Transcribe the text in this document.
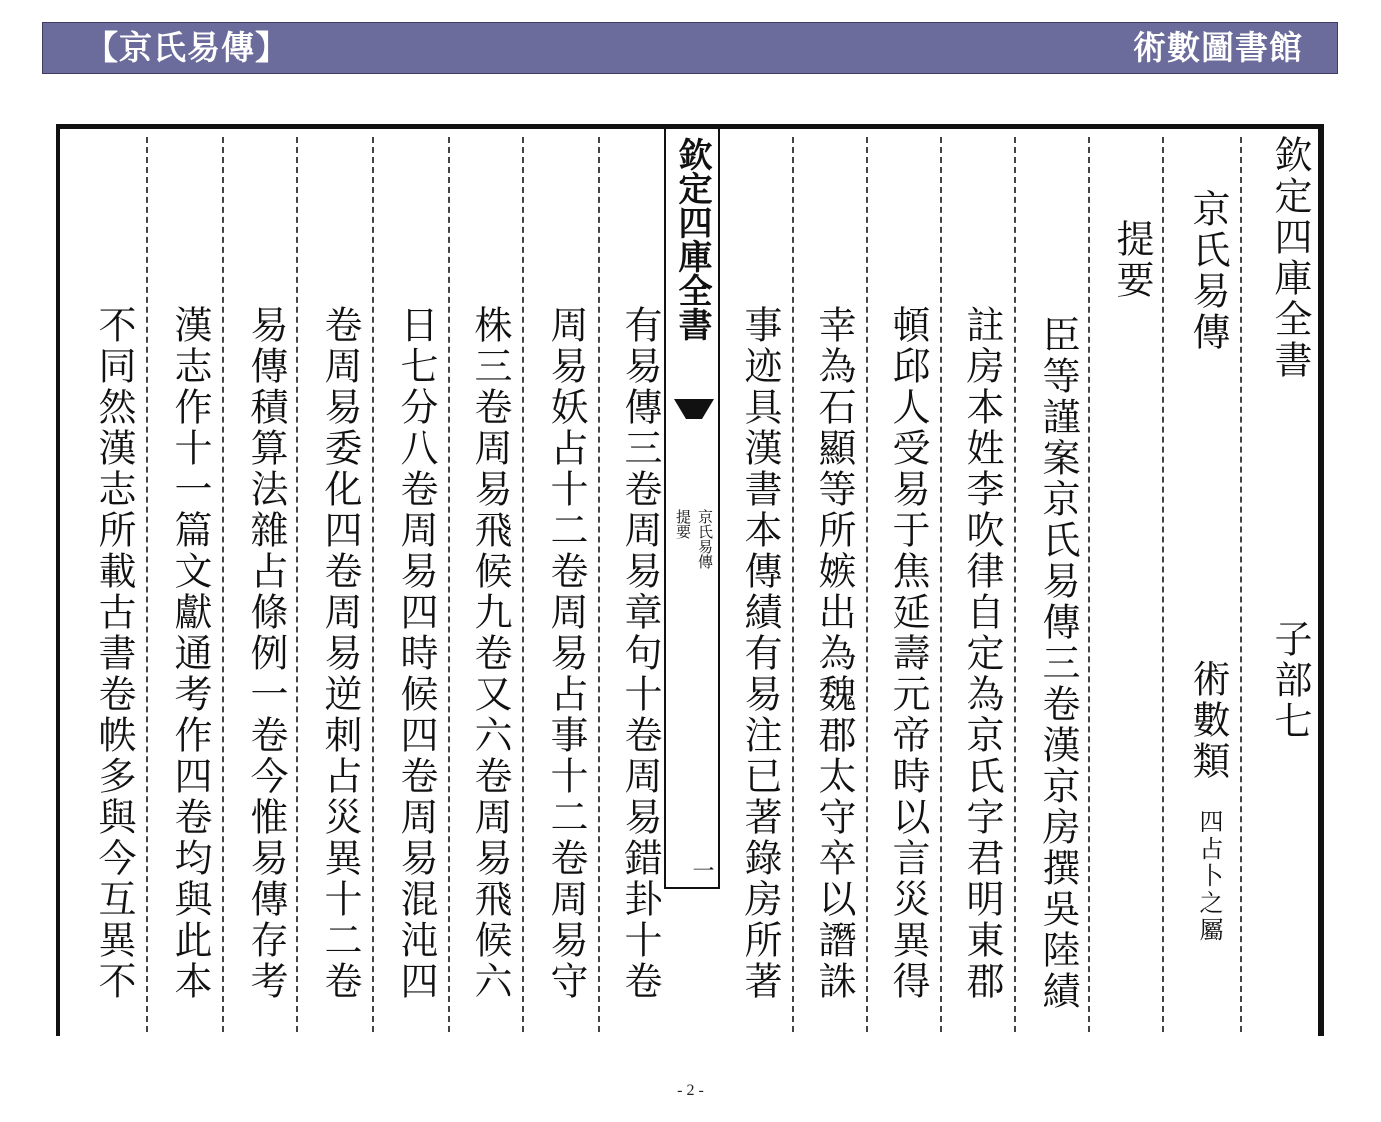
【京氏易傳】	術數圖書館
欽定四庫全書
子部七
京氏易傳
術數類
四占卜之屬
提要
臣等謹案京氏易傳三卷漢京房撰吳陸績
註房本姓李吹律自定為京氏字君明東郡
頓邱人受易于焦延壽元帝時以言災異得
幸為石顯等所嫉出為魏郡太守卒以譖誅
事迹具漢書本傳績有易注已著錄房所著
欽定四庫全書
京氏易傳
提要
一
有易傳三卷周易章句十卷周易錯卦十卷
周易妖占十二卷周易占事十二卷周易守
株三卷周易飛候九卷又六卷周易飛候六
日七分八卷周易四時候四卷周易混沌四
卷周易委化四卷周易逆刺占災異十二卷
易傳積算法雜占條例一卷今惟易傳存考
漢志作十一篇文獻通考作四卷均與此本
不同然漢志所載古書卷帙多與今互異不
- 2 -
